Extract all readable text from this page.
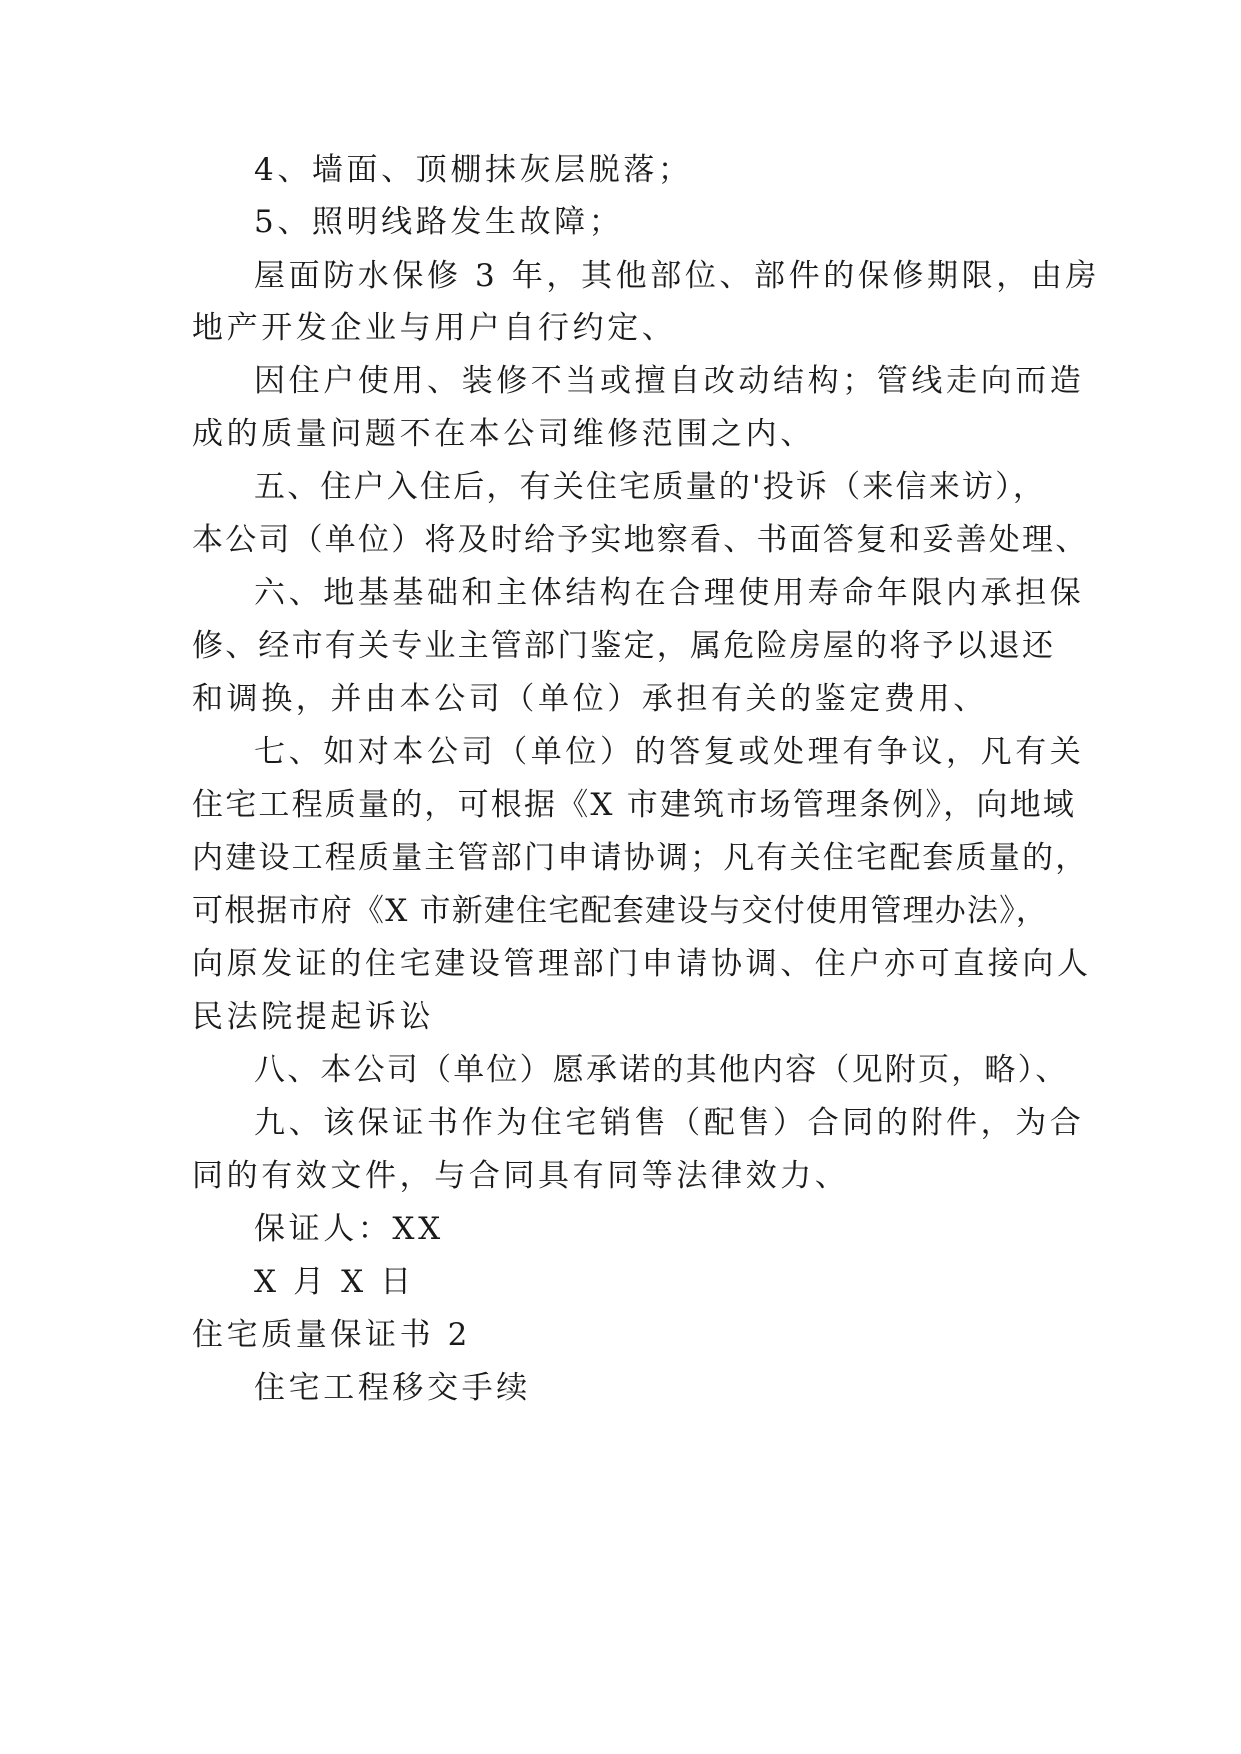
4、墙面、顶棚抹灰层脱落；
5、照明线路发生故障；
屋面防水保修 3 年，其他部位、部件的保修期限，由房
地产开发企业与用户自行约定、
因住户使用、装修不当或擅自改动结构；管线走向而造
成的质量问题不在本公司维修范围之内、
五、住户入住后，有关住宅质量的'投诉（来信来访），
本公司（单位）将及时给予实地察看、书面答复和妥善处理、
六、地基基础和主体结构在合理使用寿命年限内承担保
修、经市有关专业主管部门鉴定，属危险房屋的将予以退还
和调换，并由本公司（单位）承担有关的鉴定费用、
七、如对本公司（单位）的答复或处理有争议，凡有关
住宅工程质量的，可根据《X 市建筑市场管理条例》，向地域
内建设工程质量主管部门申请协调；凡有关住宅配套质量的，
可根据市府《X 市新建住宅配套建设与交付使用管理办法》，
向原发证的住宅建设管理部门申请协调、住户亦可直接向人
民法院提起诉讼
八、本公司（单位）愿承诺的其他内容（见附页，略）、
九、该保证书作为住宅销售（配售）合同的附件，为合
同的有效文件，与合同具有同等法律效力、
保证人：XX
X 月 X 日
住宅质量保证书 2
住宅工程移交手续
